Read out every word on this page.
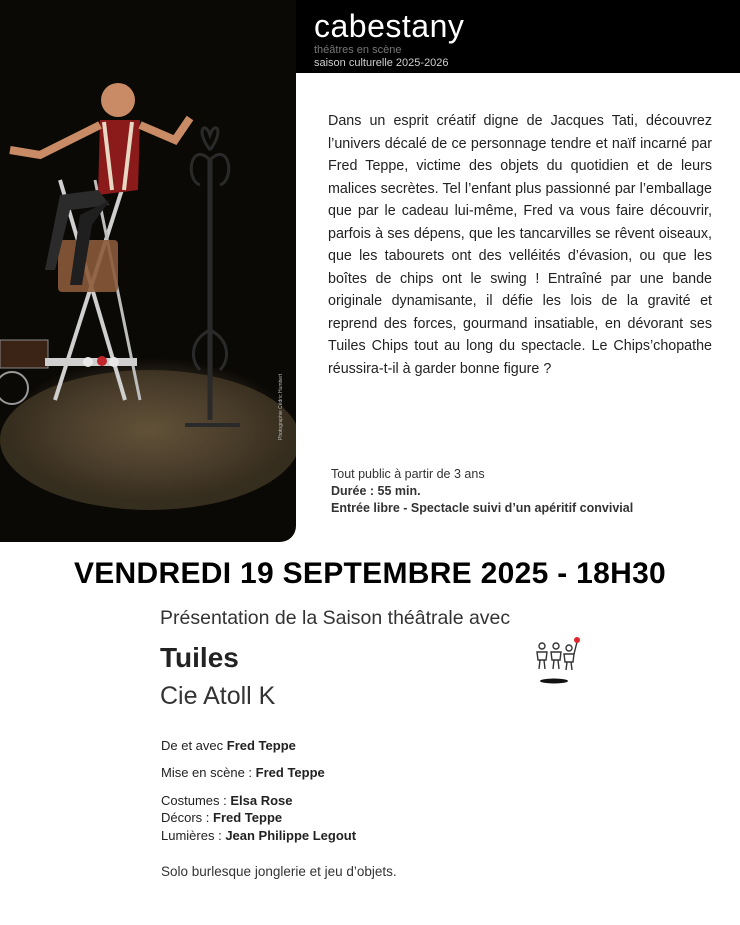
Photographie Cédric Humbert
cabestany
théâtres en scène
saison culturelle 2025-2026
Dans un esprit créatif digne de Jacques Tati, découvrez l’univers décalé de ce personnage tendre et naïf incarné par Fred Teppe, victime des objets du quotidien et de leurs malices secrètes. Tel l’enfant plus passionné par l’emballage que par le cadeau lui-même, Fred va vous faire découvrir, parfois à ses dépens, que les tancarvilles se rêvent oiseaux, que les tabourets ont des velléités d’évasion, ou que les boîtes de chips ont le swing ! Entraîné par une bande originale dynamisante, il défie les lois de la gravité et reprend des forces, gourmand insatiable, en dévorant ses Tuiles Chips tout au long du spectacle. Le Chips’chopathe réussira-t-il à garder bonne figure ?
Tout public à partir de 3 ans
Durée : 55 min.
Entrée libre - Spectacle suivi d’un apéritif convivial
VENDREDI 19 SEPTEMBRE 2025 - 18H30
Présentation de la Saison théâtrale avec
Tuiles
Cie Atoll K
De et avec Fred Teppe
Mise en scène : Fred Teppe
Costumes : Elsa Rose
Décors : Fred Teppe
Lumières : Jean Philippe Legout
Solo burlesque jonglerie et jeu d’objets.
